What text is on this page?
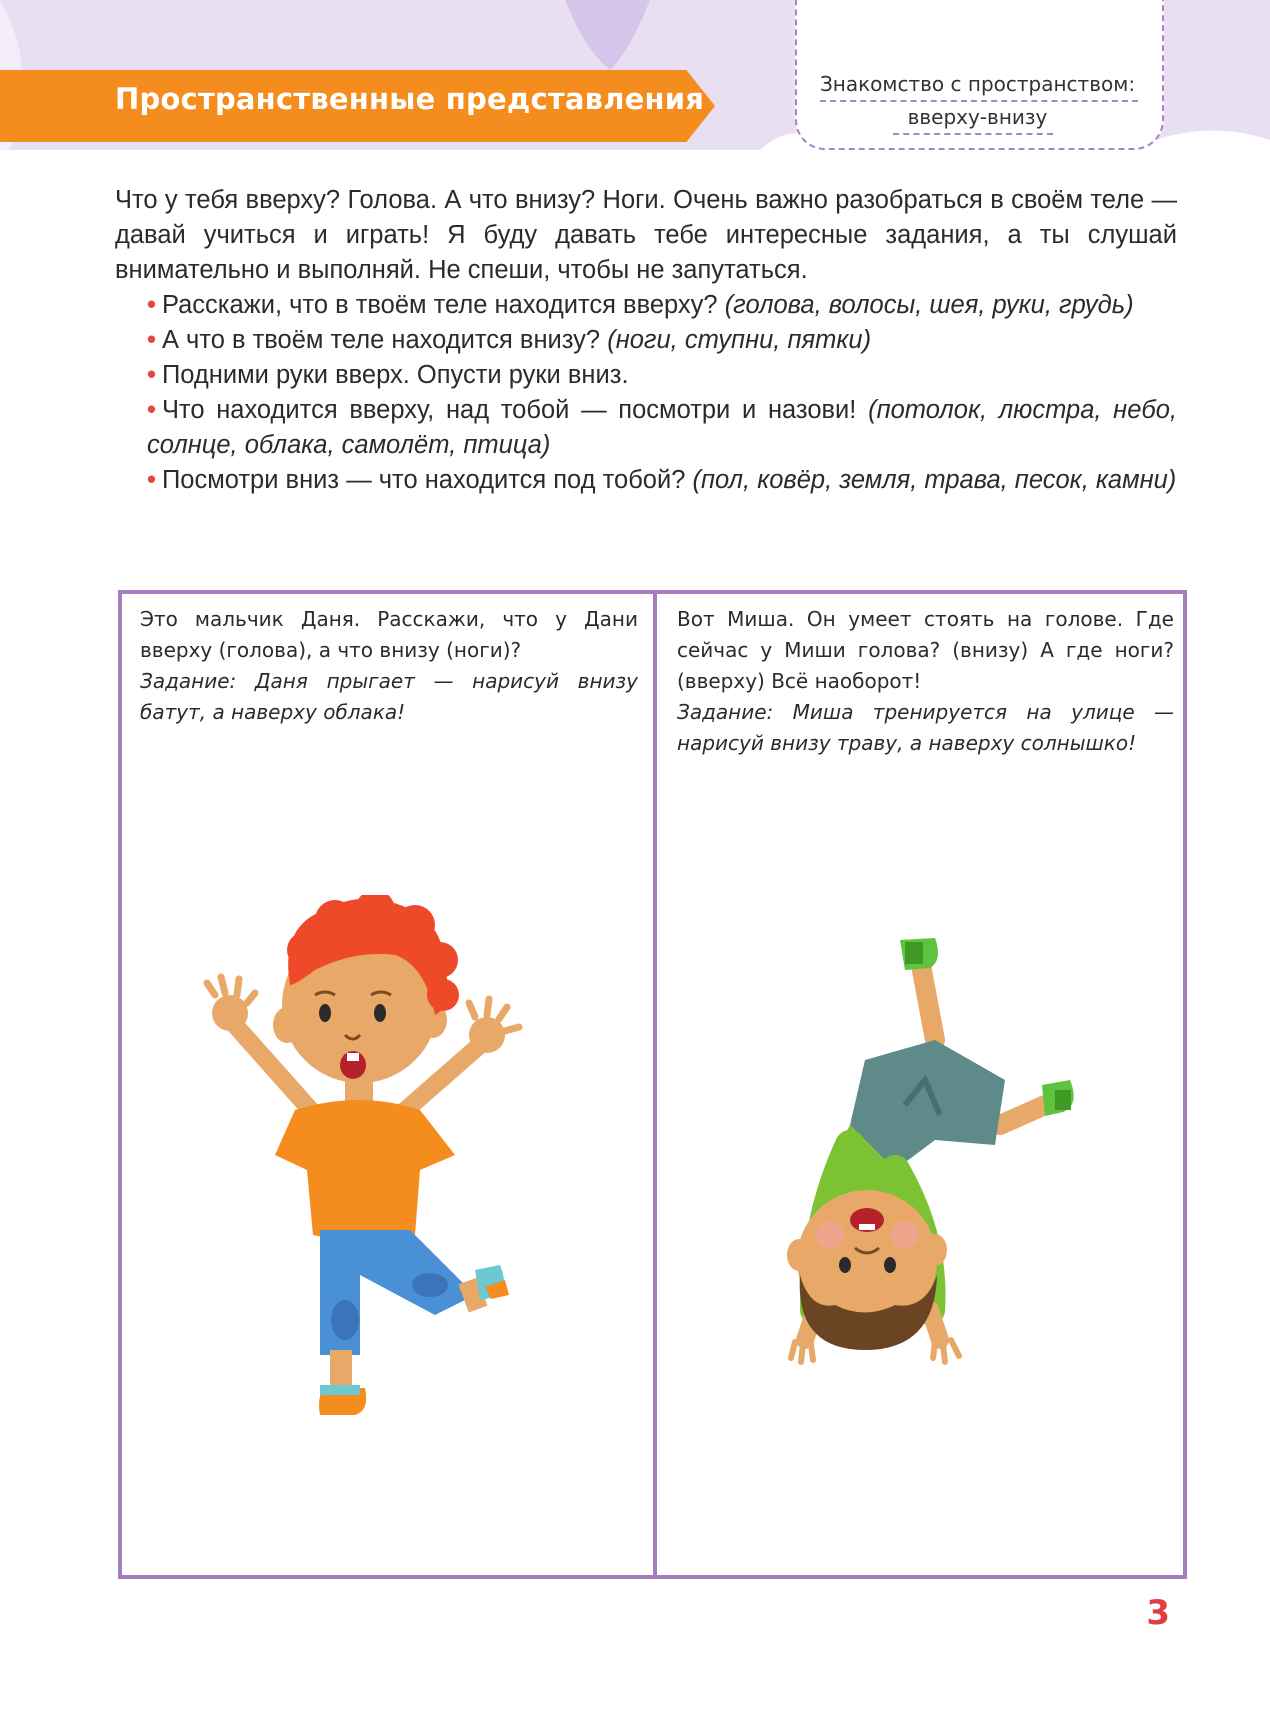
Пространственные представления	Знакомство с пространством:
вверху-внизу

Что у тебя вверху? Голова. А что внизу? Ноги. Очень важно разобраться в своём теле — давай учиться и играть! Я буду давать тебе интересные задания, а ты слушай внимательно и выполняй. Не спеши, чтобы не запутаться.

• Расскажи, что в твоём теле находится вверху? (голова, волосы, шея, руки, грудь)

• А что в твоём теле находится внизу? (ноги, ступни, пятки)

• Подними руки вверх. Опусти руки вниз.

• Что находится вверху, над тобой — посмотри и назови! (потолок, люстра, небо, солнце, облака, самолёт, птица)

• Посмотри вниз — что находится под тобой? (пол, ковёр, земля, трава, песок, камни)

Это мальчик Даня. Расскажи, что у Дани вверху (голова), а что внизу (ноги)?

Задание: Даня прыгает — нарисуй внизу батут, а наверху облака!

Вот Миша. Он умеет стоять на голове. Где сейчас у Миши голова? (внизу) А где ноги? (вверху) Всё наоборот!

Задание: Миша тренируется на улице — нарисуй внизу траву, а наверху солнышко!

3
